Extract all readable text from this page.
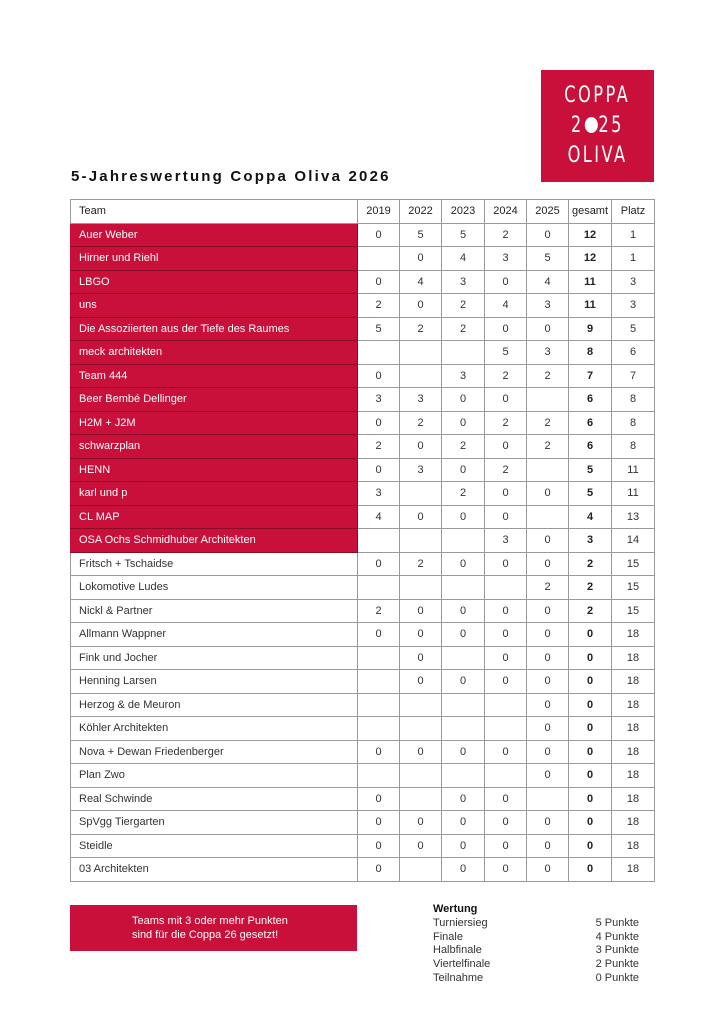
COPPA
2 25
OLIVA
5-Jahreswertung Coppa Oliva 2026
Team	2019	2022	2023	2024	2025	gesamt	Platz
Auer Weber	0	5	5	2	0	12	1
Hirner und Riehl		0	4	3	5	12	1
LBGO	0	4	3	0	4	11	3
uns	2	0	2	4	3	11	3
Die Assoziierten aus der Tiefe des Raumes	5	2	2	0	0	9	5
meck architekten				5	3	8	6
Team 444	0		3	2	2	7	7
Beer Bembé Dellinger	3	3	0	0		6	8
H2M + J2M	0	2	0	2	2	6	8
schwarzplan	2	0	2	0	2	6	8
HENN	0	3	0	2		5	11
karl und p	3		2	0	0	5	11
CL MAP	4	0	0	0		4	13
OSA Ochs Schmidhuber Architekten				3	0	3	14
Fritsch + Tschaidse	0	2	0	0	0	2	15
Lokomotive Ludes					2	2	15
Nickl & Partner	2	0	0	0	0	2	15
Allmann Wappner	0	0	0	0	0	0	18
Fink und Jocher		0		0	0	0	18
Henning Larsen		0	0	0	0	0	18
Herzog & de Meuron					0	0	18
Köhler Architekten					0	0	18
Nova + Dewan Friedenberger	0	0	0	0	0	0	18
Plan Zwo					0	0	18
Real Schwinde	0		0	0		0	18
SpVgg Tiergarten	0	0	0	0	0	0	18
Steidle	0	0	0	0	0	0	18
03 Architekten	0		0	0	0	0	18
Teams mit 3 oder mehr Punkten
sind für die Coppa 26 gesetzt!
Wertung
Turniersieg	5 Punkte
Finale	4 Punkte
Halbfinale	3 Punkte
Viertelfinale	2 Punkte
Teilnahme	0 Punkte
